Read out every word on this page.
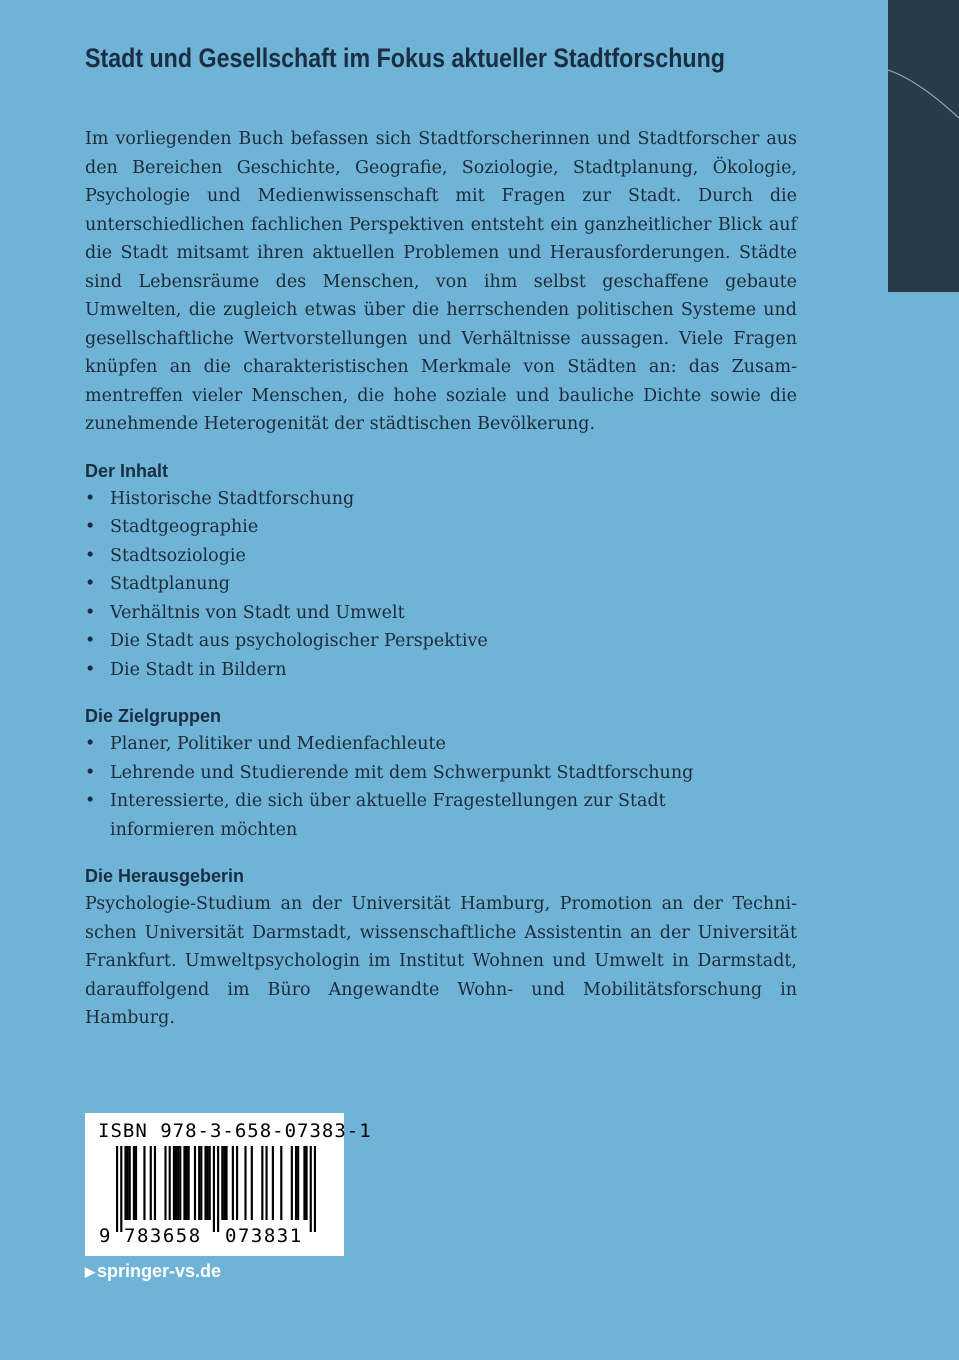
Stadt und Gesellschaft im Fokus aktueller Stadtforschung

Im vorliegenden Buch befassen sich Stadtforscherinnen und Stadtforscher aus den Bereichen Geschichte, Geografie, Soziologie, Stadtplanung, Ökologie, Psychologie und Medienwissenschaft mit Fragen zur Stadt. Durch die unterschiedlichen fachlichen Perspektiven entsteht ein ganzheitlicher Blick auf die Stadt mitsamt ihren aktuellen Problemen und Herausforderungen. Städte sind Lebensräume des Menschen, von ihm selbst geschaffene gebaute Umwelten, die zugleich etwas über die herrschenden politischen Systeme und gesellschaftliche Wertvorstellungen und Verhältnisse aussagen. Viele Fragen knüpfen an die charakteristischen Merkmale von Städten an: das Zusammentreffen vieler Menschen, die hohe soziale und bauliche Dichte sowie die zunehmende Heterogenität der städtischen Bevölkerung.

Der Inhalt
• Historische Stadtforschung
• Stadtgeographie
• Stadtsoziologie
• Stadtplanung
• Verhältnis von Stadt und Umwelt
• Die Stadt aus psychologischer Perspektive
• Die Stadt in Bildern
Die Zielgruppen
• Planer, Politiker und Medienfachleute
• Lehrende und Studierende mit dem Schwerpunkt Stadtforschung
• Interessierte, die sich über aktuelle Fragestellungen zur Stadt informieren möchten
Die Herausgeberin

Psychologie-Studium an der Universität Hamburg, Promotion an der Technischen Universität Darmstadt, wissenschaftliche Assistentin an der Universität Frankfurt. Umweltpsychologin im Institut Wohnen und Umwelt in Darmstadt, darauffolgend im Büro Angewandte Wohn- und Mobilitätsforschung in Hamburg.

ISBN 978-3-658-07383-1
9 783658 073831
▶ springer-vs.de
